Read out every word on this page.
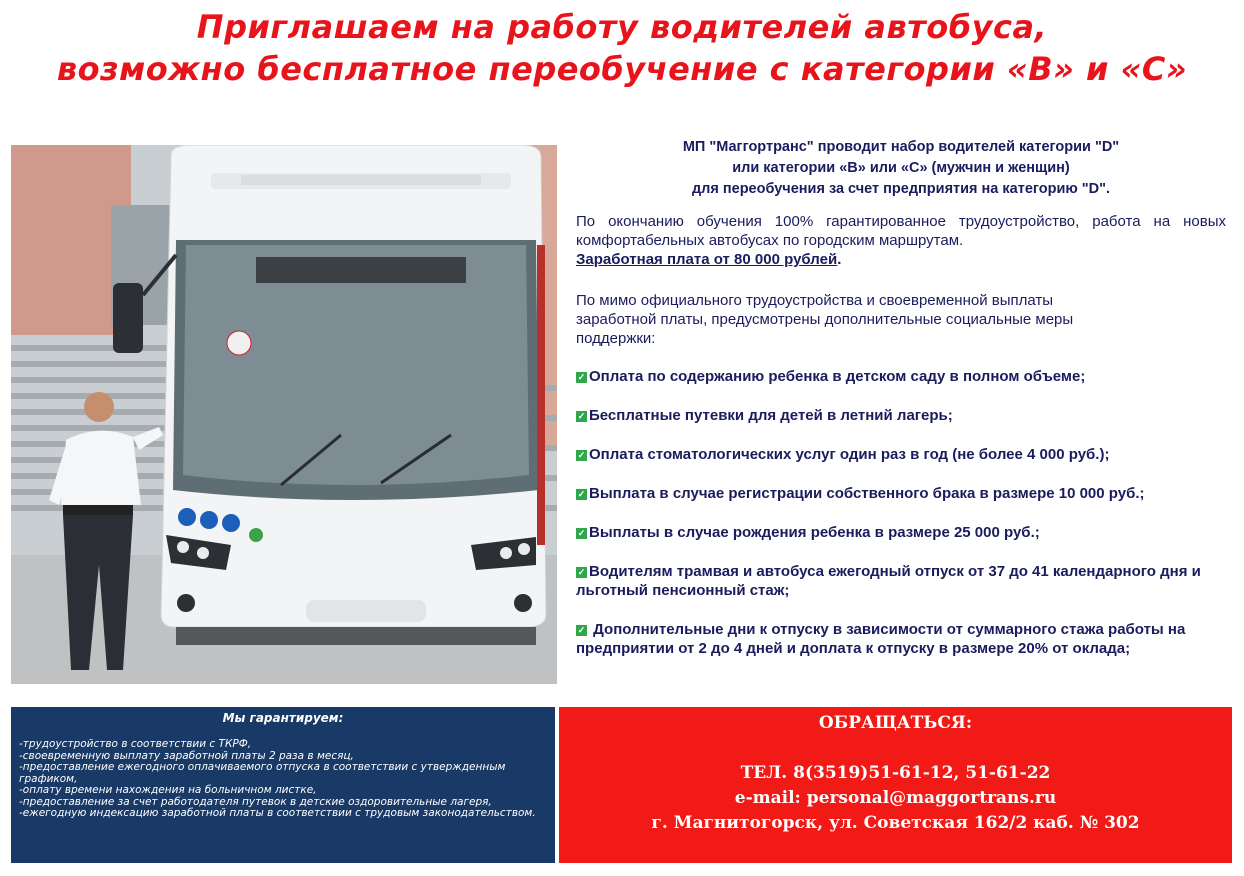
Приглашаем на работу водителей автобуса,
возможно бесплатное переобучение с категории «В» и «С»
МП "Маггортранс" проводит набор водителей категории "D"
или категории «В» или «С» (мужчин и женщин)
для переобучения за счет предприятия на категорию "D".

По окончанию обучения 100% гарантированное трудоустройство, работа на новых комфортабельных автобусах по городским маршрутам.

Заработная плата от 80 000 рублей.

По мимо официального трудоустройства и своевременной выплаты заработной платы, предусмотрены дополнительные социальные меры поддержки:

✓ Оплата по содержанию ребенка в детском саду в полном объеме;
✓ Бесплатные путевки для детей в летний лагерь;
✓ Оплата стоматологических услуг один раз в год (не более 4 000 руб.);
✓ Выплата в случае регистрации собственного брака в размере 10 000 руб.;
✓ Выплаты в случае рождения ребенка в размере 25 000 руб.;
✓ Водителям трамвая и автобуса ежегодный отпуск от 37 до 41 календарного дня и льготный пенсионный стаж;
✓ Дополнительные дни к отпуску в зависимости от суммарного стажа работы на предприятии от 2 до 4 дней и доплата к отпуску в размере 20% от оклада;
Мы гарантируем:
-трудоустройство в соответствии с ТКРФ,
-своевременную выплату заработной платы 2 раза в месяц,
-предоставление ежегодного оплачиваемого отпуска в соответствии с утвержденным графиком,
-оплату времени нахождения на больничном листке,
-предоставление за счет работодателя путевок в детские оздоровительные лагеря,
-ежегодную индексацию заработной платы в соответствии с трудовым законодательством.
ОБРАЩАТЬСЯ:
ТЕЛ. 8(3519)51-61-12, 51-61-22
e-mail: personal@maggortrans.ru
г. Магнитогорск, ул. Советская 162/2 каб. № 302
